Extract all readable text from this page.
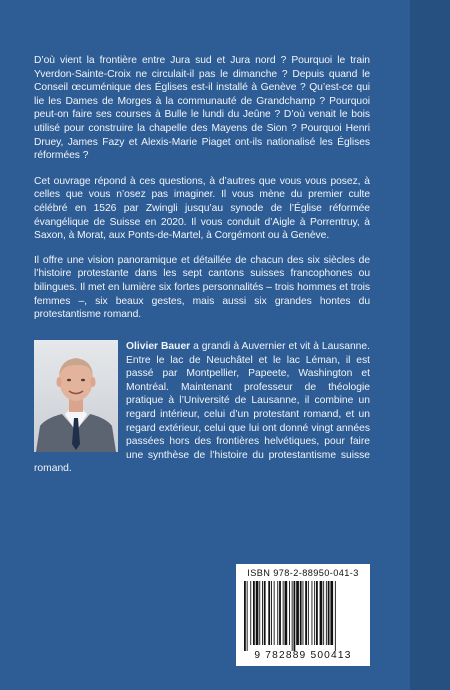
D’où vient la frontière entre Jura sud et Jura nord ? Pourquoi le train Yverdon-Sainte-Croix ne circulait-il pas le dimanche ? Depuis quand le Conseil œcuménique des Églises est-il installé à Genève ? Qu’est-ce qui lie les Dames de Morges à la communauté de Grandchamp ? Pourquoi peut-on faire ses courses à Bulle le lundi du Jeûne ? D’où venait le bois utilisé pour construire la chapelle des Mayens de Sion ? Pourquoi Henri Druey, James Fazy et Alexis-Marie Piaget ont-ils nationalisé les Églises réformées ?

Cet ouvrage répond à ces questions, à d’autres que vous vous posez, à celles que vous n’osez pas imaginer. Il vous mène du premier culte célébré en 1526 par Zwingli jusqu’au synode de l’Église réformée évangélique de Suisse en 2020. Il vous conduit d’Aigle à Porrentruy, à Saxon, à Morat, aux Ponts-de-Martel, à Corgémont ou à Genève.

Il offre une vision panoramique et détaillée de chacun des six siècles de l’histoire protestante dans les sept cantons suisses francophones ou bilingues. Il met en lumière six fortes personnalités – trois hommes et trois femmes –, six beaux gestes, mais aussi six grandes hontes du protestantisme romand.

Olivier Bauer a grandi à Auvernier et vit à Lausanne. Entre le lac de Neuchâtel et le lac Léman, il est passé par Montpellier, Papeete, Washington et Montréal. Maintenant professeur de théologie pratique à l’Université de Lausanne, il combine un regard intérieur, celui d’un protestant romand, et un regard extérieur, celui que lui ont donné vingt années passées hors des frontières helvétiques, pour faire une synthèse de l’histoire du protestantisme suisse romand.

ISBN 978-2-88950-041-3
9 782889 500413
